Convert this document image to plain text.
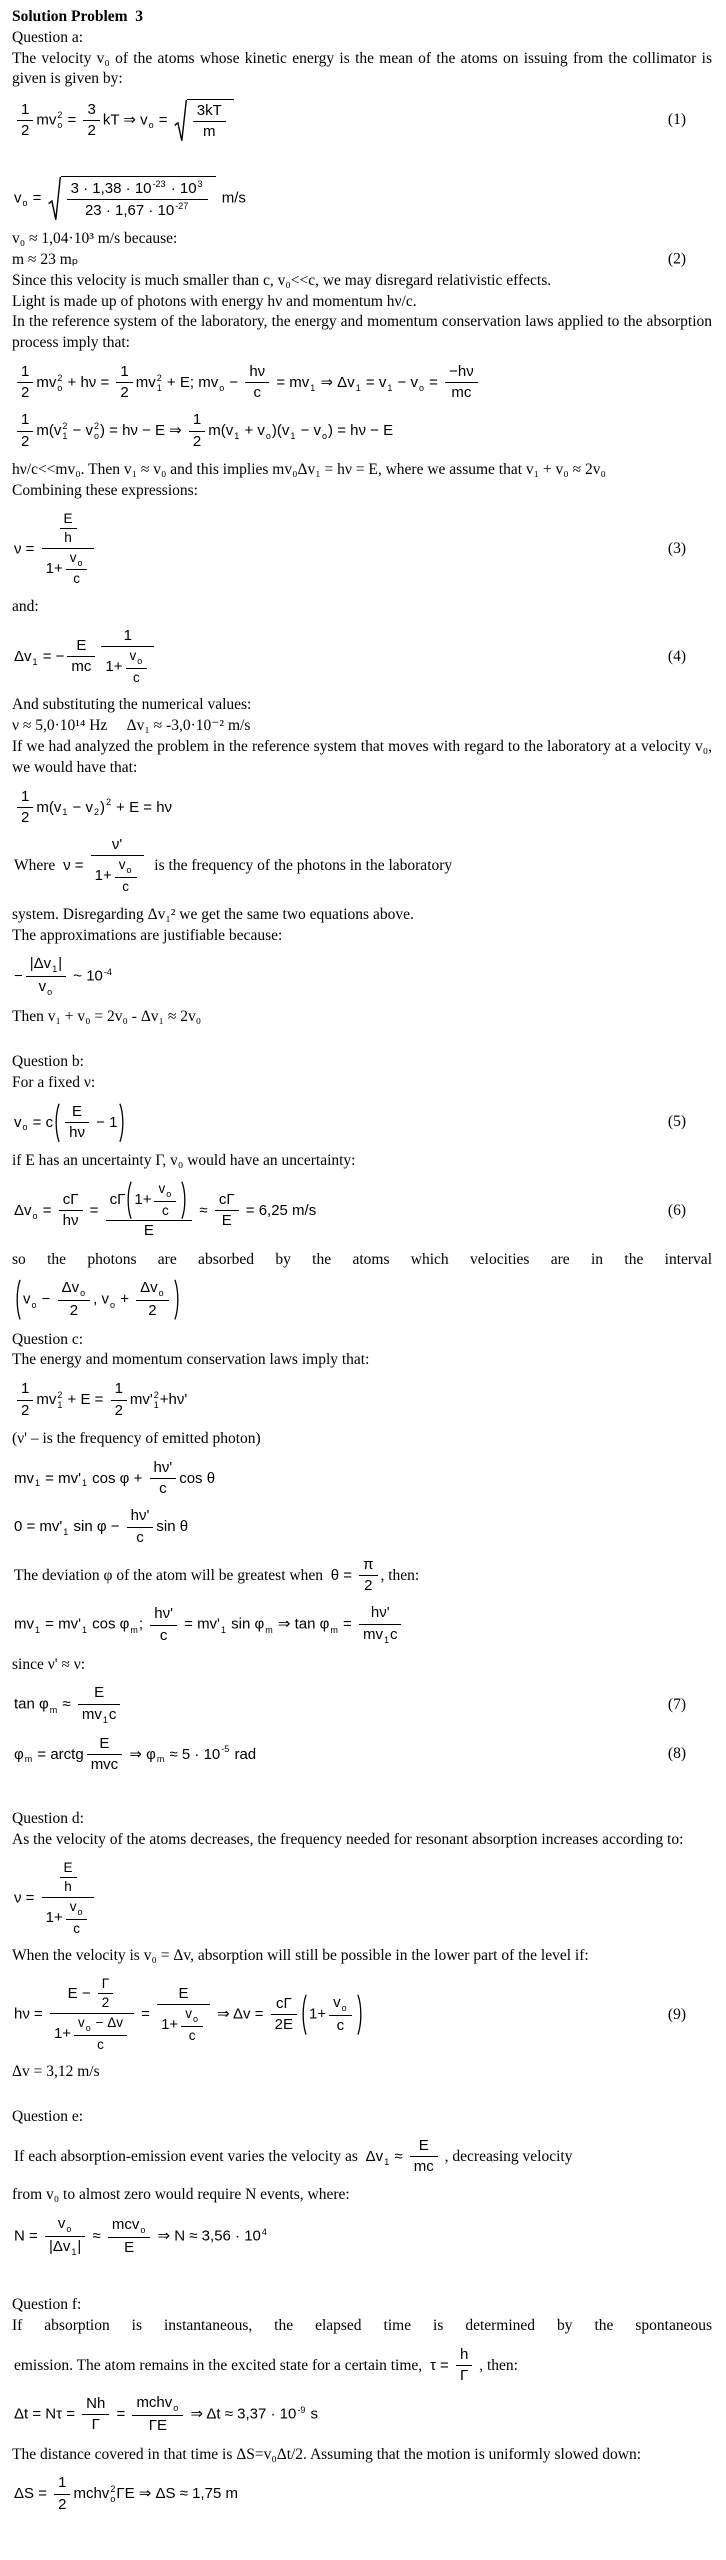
Solution Problem  3
Question a:
The velocity v₀ of the atoms whose kinetic energy is the mean of the atoms on issuing from the collimator is given is given by:
$\frac{1}{2}$ mv 2
$o = \frac{3}{2}$ kT ⇒ $v_o = \frac{3kT}{m}$	(1)
$v_o = \frac{3 \cdot 1,38 \cdot 10^{-23} \cdot 10^3}{23 \cdot 1,67 \cdot 10^{-27}} m/s$
v₀ ≈ 1,04·10³ m/s because:
m ≈ 23 mₚ	(2)
Since this velocity is much smaller than c, v₀<<c, we may disregard relativistic effects.
Light is made up of photons with energy hν and momentum hν/c.
In the reference system of the laboratory, the energy and momentum conservation laws applied to the absorption process imply that:
$\frac{1}{2}$ mv 2
$o + h\nu = \frac{1}{2}$ mv 2
1 + E; $mv_o - \frac{h\nu}{c} = mv_1$ ⇒ $\Delta v_1 = v_1 - v_o = \frac{-h\nu}{mc}$
$\frac{1}{2} m(v$ 2
1 − v 2
o ) = hν − E ⇒ $\frac{1}{2} m(v_1 + v_o)(v_1 - v_o) = h\nu - E$
hν/c<<mv₀. Then v₁ ≈ v₀ and this implies mv₀Δv₁ = hν = E, where we assume that v₁ + v₀ ≈ 2v₀
Combining these expressions:
$\nu = \frac{\frac{E}{h}}{1+ \frac{v_o}{c}}$	(3)
and:
$\Delta v_1$ = − $\frac{E}{mc} \frac{1}{1+ \frac{v_o}{c}}$	(4)
And substituting the numerical values:
ν ≈ 5,0·10¹⁴ Hz     Δv₁ ≈ -3,0·10⁻² m/s
If we had analyzed the problem in the reference system that moves with regard to the laboratory at a velocity v₀, we would have that:
$\frac{1}{2} m(v_1 - v_2)^2 + E = h\nu$
Where  $\nu = \frac{\nu'}{1+ \frac{v_o}{c}}$ is the frequency of the photons in the laboratory
system. Disregarding Δv₁² we get the same two equations above.
The approximations are justifiable because:
− $\frac{|\Delta v_1|}{v_o}$ ~ $10^{-4}$
Then v₁ + v₀ = 2v₀ - Δv₁ ≈ 2v₀
Question b:
For a fixed ν:
$v_o = c \frac{E}{h\nu} - 1$	(5)
if E has an uncertainty Γ, v₀ would have an uncertainty:
$\Delta v_o = \frac{c\Gamma}{h\nu} = \frac{c\Gamma 1+ \frac{v_o}{c}}{E} \approx \frac{c\Gamma}{E} = 6,25$ m/s	(6)
so the photons are absorbed by the atoms which velocities are in the interval
$v_o - \frac{\Delta v_o}{2}$ , $v_o + \frac{\Delta v_o}{2}$
Question c:
The energy and momentum conservation laws imply that:
$\frac{1}{2}$ mv 2
$1 + E = \frac{1}{2} mv'$ 2
1 +hν'
(ν' – is the frequency of emitted photon)
$mv_1 = mv'_1$ $\cos \varphi + \frac{h\nu'}{c}$ cos θ
$0 = mv'_1$ $\sin \varphi - \frac{h\nu'}{c}$ sin θ
The deviation φ of the atom will be greatest when  $\theta = \frac{\pi}{2}$ , then:
$mv_1 = mv'_1$ $\cos \varphi_m$; $\frac{h\nu'}{c} = mv'_1$ $\sin \varphi_m$ ⇒ $\tan \varphi_m = \frac{h\nu'}{mv_1c}$
since ν' ≈ ν:
$\tan \varphi_m \approx \frac{E}{mv_1c}$	(7)
$\varphi_m$ = arctg $\frac{E}{\text{mvc}}$ ⇒ $\varphi_m \approx 5 \cdot 10^{-5}$ rad	(8)
Question d:
As the velocity of the atoms decreases, the frequency needed for resonant absorption increases according to:
$\nu = \frac{\frac{E}{h}}{1+ \frac{v_o}{c}}$
When the velocity is v₀ = Δv, absorption will still be possible in the lower part of the level if:
$h\nu = \frac{E - \frac{\Gamma}{2}}{1+ \frac{v_o - \Delta v}{c}} = \frac{E}{1+ \frac{v_o}{c}}$ ⇒ $\Delta v = \frac{c\Gamma}{2E} 1+ \frac{v_o}{c}$	(9)
Δv = 3,12 m/s
Question e:
If each absorption-emission event varies the velocity as  $\Delta v_1 \approx \frac{E}{mc}$ , decreasing velocity
from v₀ to almost zero would require N events, where:
$N = \frac{v_o}{|\Delta v_1|} \approx \frac{mcv_o}{E}$ ⇒ $N \approx 3,56 \cdot 10^4$
Question f:
If absorption is instantaneous, the elapsed time is determined by the spontaneous
emission. The atom remains in the excited state for a certain time,  $\tau = \frac{h}{\Gamma}$ , then:
$\Delta t = N\tau = \frac{Nh}{\Gamma} = \frac{mchv_o}{\Gamma E}$ ⇒ $\Delta t \approx 3,37 \cdot 10^{-9}$ s
The distance covered in that time is ΔS=v₀Δt/2. Assuming that the motion is uniformly slowed down:
$\Delta S = \frac{1}{2}$ mchv 2
o ΓE ⇒ ΔS ≈ 1,75 m
